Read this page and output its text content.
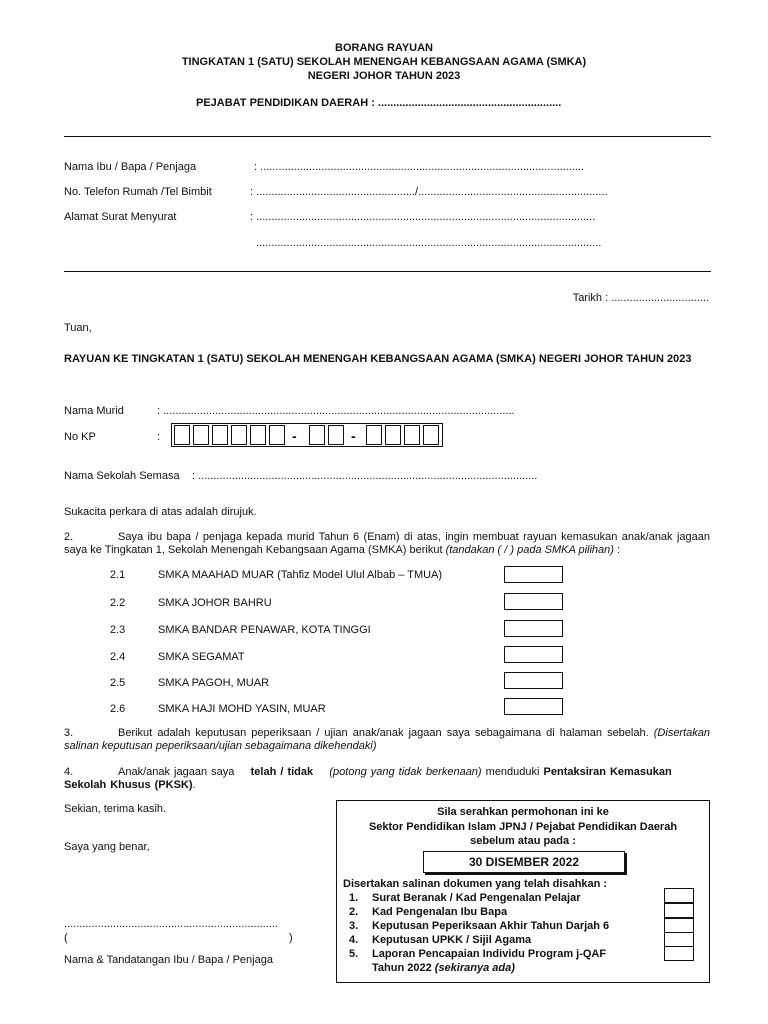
BORANG RAYUAN
TINGKATAN 1 (SATU) SEKOLAH MENENGAH KEBANGSAAN AGAMA (SMKA)
NEGERI JOHOR TAHUN 2023
PEJABAT PENDIDIKAN DAERAH : ............................................................
Nama Ibu / Bapa / Penjaga	: ..........................................................................................................
No. Telefon Rumah /Tel Bimbit	: ..................................................../..............................................................
Alamat Surat Menyurat	: ...............................................................................................................
.................................................................................................................
Tarikh : ................................
Tuan,
RAYUAN KE TINGKATAN 1 (SATU) SEKOLAH MENENGAH KEBANGSAAN AGAMA (SMKA) NEGERI JOHOR TAHUN 2023
Nama Murid	: ...................................................................................................................
No KP	:	-	-
Nama Sekolah Semasa : ...............................................................................................................
Sukacita perkara di atas adalah dirujuk.
2.	Saya ibu bapa / penjaga kepada murid Tahun 6 (Enam) di atas, ingin membuat rayuan kemasukan anak/anak jagaan saya ke Tingkatan 1, Sekolah Menengah Kebangsaan Agama (SMKA) berikut (tandakan ( / ) pada SMKA pilihan) :
2.1	SMKA MAAHAD MUAR (Tahfiz Model Ulul Albab – TMUA)
2.2	SMKA JOHOR BAHRU
2.3	SMKA BANDAR PENAWAR, KOTA TINGGI
2.4	SMKA SEGAMAT
2.5	SMKA PAGOH, MUAR
2.6	SMKA HAJI MOHD YASIN, MUAR
3.	Berikut adalah keputusan peperiksaan / ujian anak/anak jagaan saya sebagaimana di halaman sebelah. (Disertakan salinan keputusan peperiksaan/ujian sebagaimana dikehendaki)
4.	Anak/anak jagaan saya telah / tidak (potong yang tidak berkenaan) menduduki Pentaksiran Kemasukan Sekolah Khusus (PKSK).
Sekian, terima kasih.
Saya yang benar,
......................................................................
(	)
Nama & Tandatangan Ibu / Bapa / Penjaga
Sila serahkan permohonan ini ke
Sektor Pendidikan Islam JPNJ / Pejabat Pendidikan Daerah
sebelum atau pada :
30 DISEMBER 2022
Disertakan salinan dokumen yang telah disahkan :
1. Surat Beranak / Kad Pengenalan Pelajar
2. Kad Pengenalan Ibu Bapa
3. Keputusan Peperiksaan Akhir Tahun Darjah 6
4. Keputusan UPKK / Sijil Agama
5. Laporan Pencapaian Individu Program j-QAF
Tahun 2022 (sekiranya ada)
